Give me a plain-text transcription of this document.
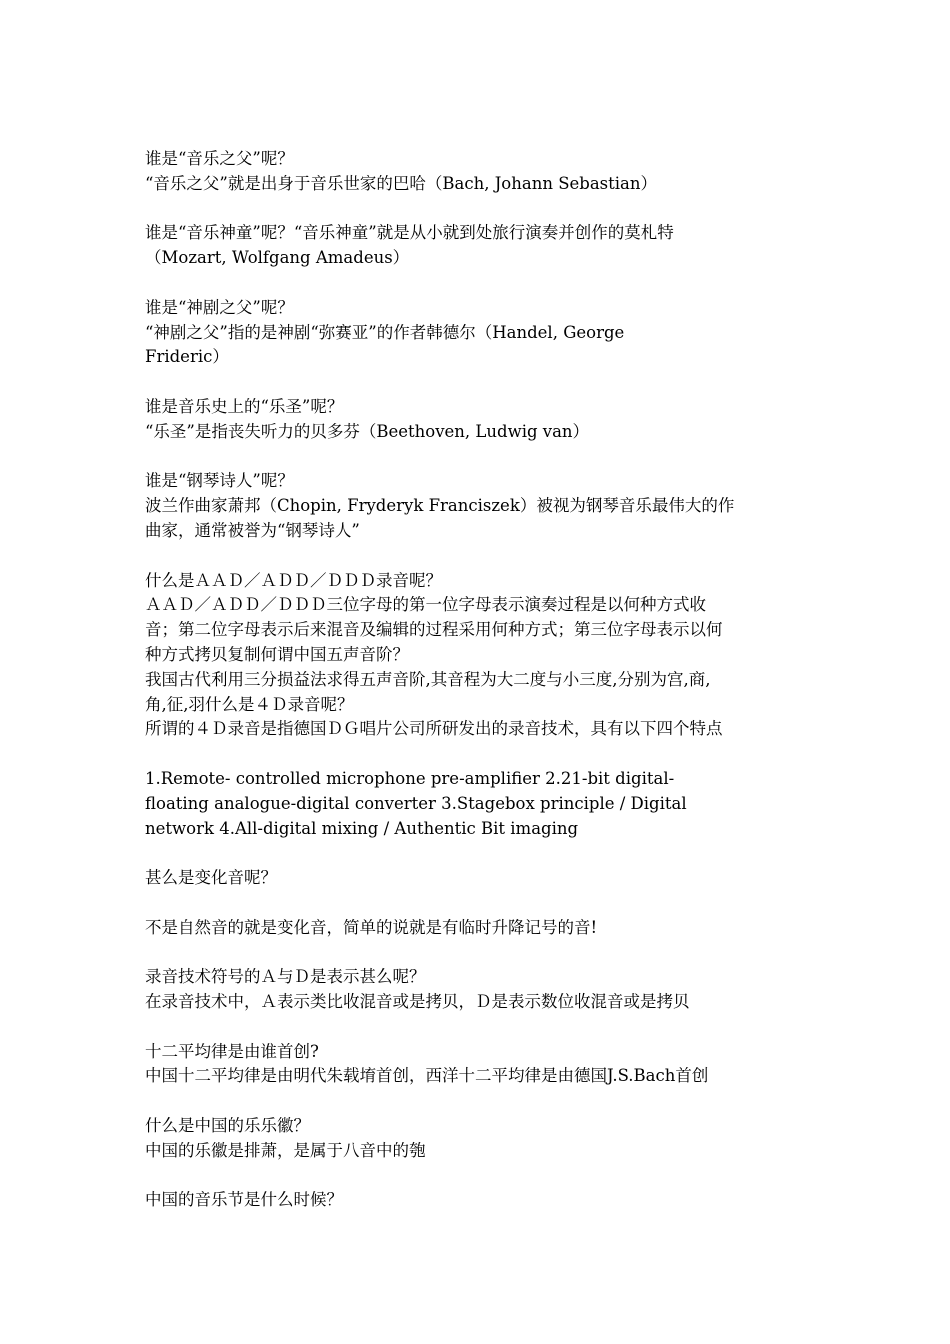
谁是“音乐之父”呢？

“音乐之父”就是出身于音乐世家的巴哈（Bach, Johann Sebastian）

谁是“音乐神童”呢？“音乐神童”就是从小就到处旅行演奏并创作的莫札特

（Mozart, Wolfgang Amadeus）

谁是“神剧之父”呢？

“神剧之父”指的是神剧“弥赛亚”的作者韩德尔（Handel, George

Frideric）

谁是音乐史上的“乐圣”呢？

“乐圣”是指丧失听力的贝多芬（Beethoven, Ludwig van）

谁是“钢琴诗人”呢？

波兰作曲家萧邦（Chopin, Fryderyk Franciszek）被视为钢琴音乐最伟大的作

曲家，通常被誉为“钢琴诗人”

什么是ＡＡＤ／ＡＤＤ／ＤＤＤ录音呢？

ＡＡＤ／ＡＤＤ／ＤＤＤ三位字母的第一位字母表示演奏过程是以何种方式收

音；第二位字母表示后来混音及编辑的过程采用何种方式；第三位字母表示以何

种方式拷贝复制何谓中国五声音阶？

我国古代利用三分损益法求得五声音阶,其音程为大二度与小三度,分别为宫,商,

角,征,羽什么是４Ｄ录音呢？

所谓的４Ｄ录音是指德国ＤＧ唱片公司所研发出的录音技术，具有以下四个特点

1.Remote- controlled microphone pre-amplifier 2.21-bit digital-

floating analogue-digital converter 3.Stagebox principle / Digital

network 4.All-digital mixing / Authentic Bit imaging

甚么是变化音呢？

不是自然音的就是变化音，简单的说就是有临时升降记号的音!

录音技术符号的Ａ与Ｄ是表示甚么呢？

在录音技术中，Ａ表示类比收混音或是拷贝，Ｄ是表示数位收混音或是拷贝

十二平均律是由谁首创?

中国十二平均律是由明代朱载堉首创，西洋十二平均律是由德国J.S.Bach首创

什么是中国的乐乐徽？

中国的乐徽是排萧，是属于八音中的匏

中国的音乐节是什么时候？
